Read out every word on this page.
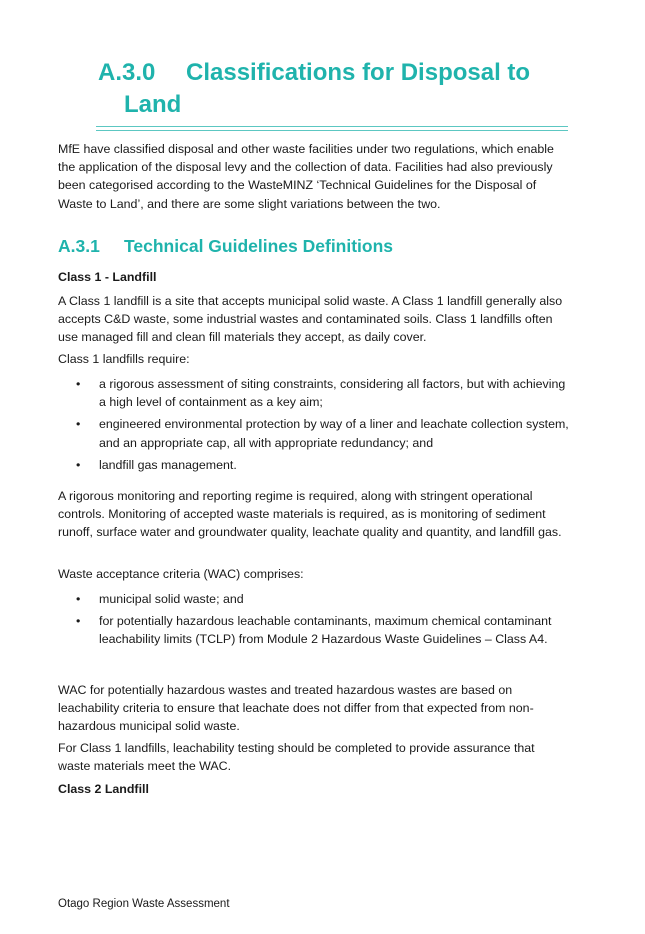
A.3.0 Classifications for Disposal to
Land

MfE have classified disposal and other waste facilities under two regulations, which enable the application of the disposal levy and the collection of data. Facilities had also previously been categorised according to the WasteMINZ ‘Technical Guidelines for the Disposal of Waste to Land’, and there are some slight variations between the two.

A.3.1 Technical Guidelines Definitions

Class 1 - Landfill

A Class 1 landfill is a site that accepts municipal solid waste. A Class 1 landfill generally also accepts C&D waste, some industrial wastes and contaminated soils. Class 1 landfills often use managed fill and clean fill materials they accept, as daily cover.

Class 1 landfills require:

• a rigorous assessment of siting constraints, considering all factors, but with achieving a high level of containment as a key aim;
• engineered environmental protection by way of a liner and leachate collection system, and an appropriate cap, all with appropriate redundancy; and
• landfill gas management.

A rigorous monitoring and reporting regime is required, along with stringent operational controls. Monitoring of accepted waste materials is required, as is monitoring of sediment runoff, surface water and groundwater quality, leachate quality and quantity, and landfill gas.

Waste acceptance criteria (WAC) comprises:

• municipal solid waste; and
• for potentially hazardous leachable contaminants, maximum chemical contaminant leachability limits (TCLP) from Module 2 Hazardous Waste Guidelines – Class A4.

WAC for potentially hazardous wastes and treated hazardous wastes are based on leachability criteria to ensure that leachate does not differ from that expected from non-hazardous municipal solid waste.

For Class 1 landfills, leachability testing should be completed to provide assurance that waste materials meet the WAC.

Class 2 Landfill

Otago Region Waste Assessment
